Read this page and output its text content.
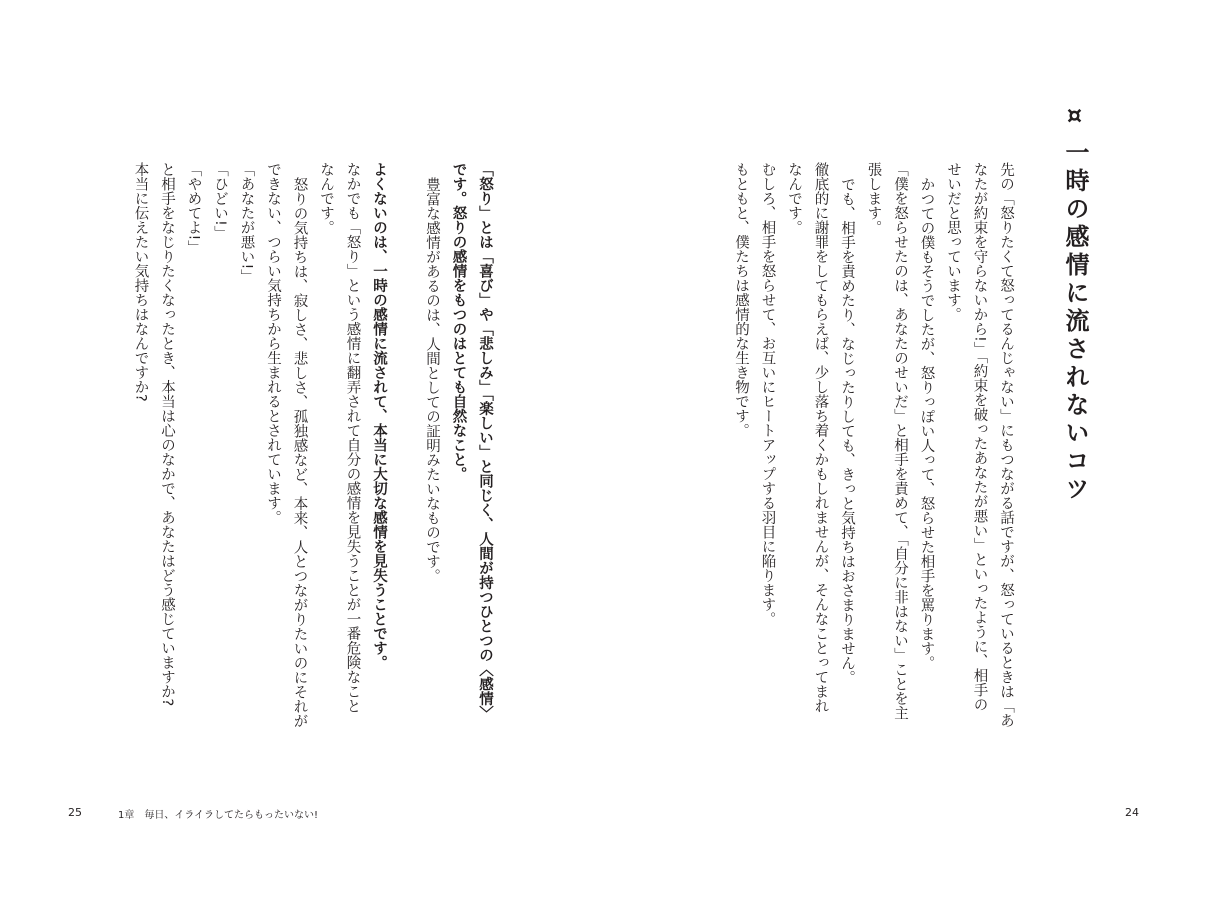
¤ 一時の感情に流されないコツ
先の「怒りたくて怒ってるんじゃない」にもつながる話ですが、怒っているときは「あ
なたが約束を守らないから!」「約束を破ったあなたが悪い」といったように、相手の
せいだと思っています。
かつての僕もそうでしたが、怒りっぽい人って、怒らせた相手を罵ります。
「僕を怒らせたのは、あなたのせいだ」と相手を責めて、「自分に非はない」ことを主
張します。
でも、相手を責めたり、なじったりしても、きっと気持ちはおさまりません。
徹底的に謝罪をしてもらえば、少し落ち着くかもしれませんが、そんなことってまれ
なんです。
むしろ、相手を怒らせて、お互いにヒートアップする羽目に陥ります。
もともと、僕たちは感情的な生き物です。
24
「怒り」とは「喜び」や「悲しみ」「楽しい」と同じく、人間が持つひとつの〈感情〉
です。怒りの感情をもつのはとても自然なこと。
豊富な感情があるのは、人間としての証明みたいなものです。

よくないのは、一時の感情に流されて、本当に大切な感情を見失うことです。
なかでも「怒り」という感情に翻弄されて自分の感情を見失うことが一番危険なこと
なんです。
怒りの気持ちは、寂しさ、悲しさ、孤独感など、本来、人とつながりたいのにそれが
できない、つらい気持ちから生まれるとされています。
「あなたが悪い!」
「ひどい!」
「やめてよ!」
と相手をなじりたくなったとき、本当は心のなかで、あなたはどう感じていますか?
本当に伝えたい気持ちはなんですか?
25	1章　毎日、イライラしてたらもったいない!
